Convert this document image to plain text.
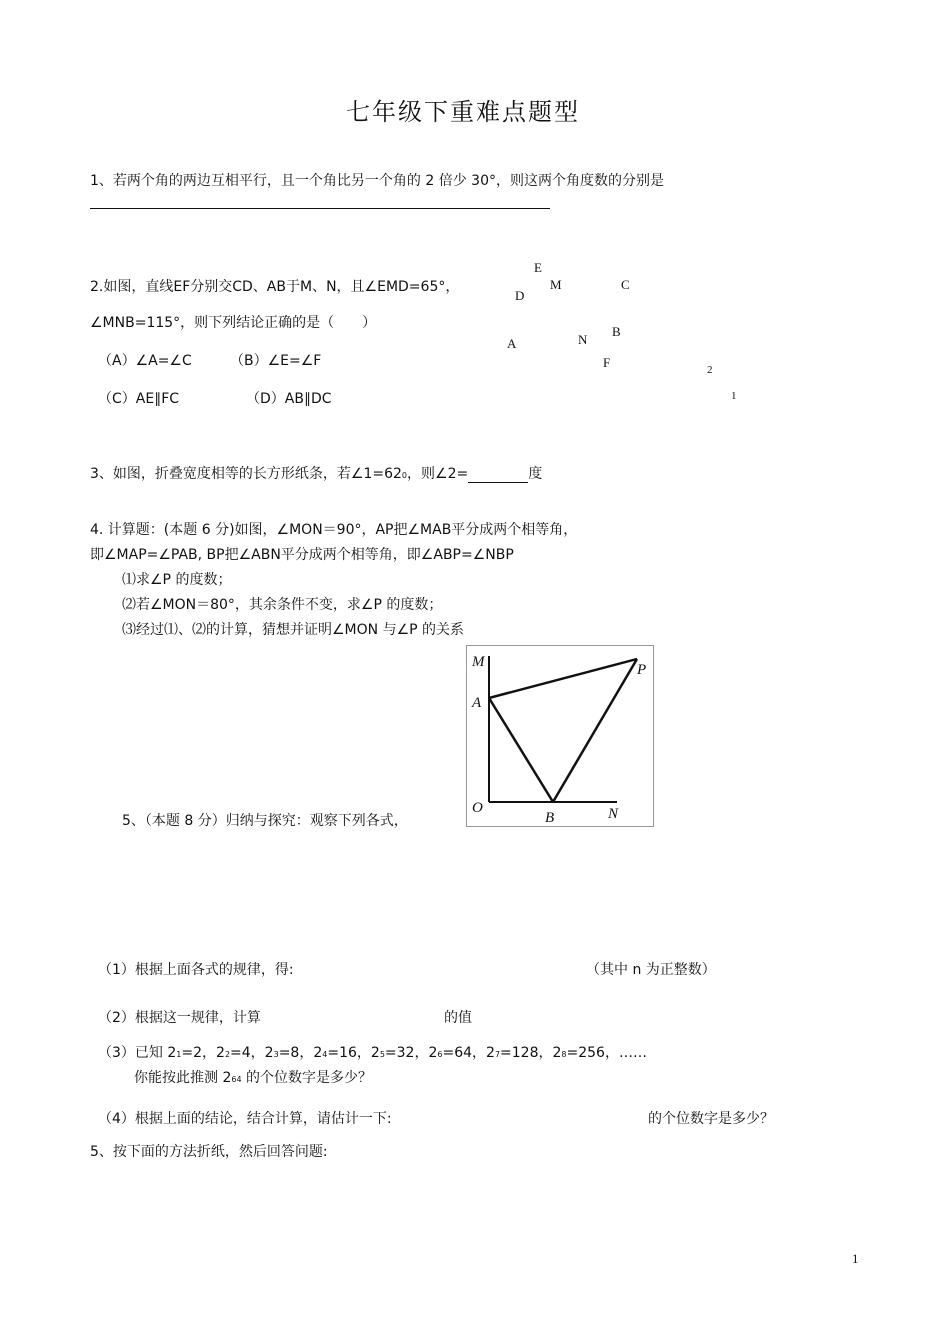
七年级下重难点题型
1、若两个角的两边互相平行，且一个角比另一个角的 2 倍少 30°，则这两个角度数的分别是
2.如图，直线EF分别交CD、AB于M、N，且∠EMD=65°，
∠MNB=115°，则下列结论正确的是（　　）
（A）∠A=∠C	（B）∠E=∠F
（C）AE∥FC	（D）AB∥DC
E
D
M	C
B
A	N
F	2
1
3、如图，折叠宽度相等的长方形纸条，若∠1=620，则∠2=	度
4. 计算题：(本题 6 分)如图，∠MON＝90°，AP把∠MAB平分成两个相等角，
即∠MAP=∠PAB, BP把∠ABN平分成两个相等角，即∠ABP=∠NBP
⑴求∠P 的度数；
⑵若∠MON＝80°，其余条件不变，求∠P 的度数；
⑶经过⑴、⑵的计算，猜想并证明∠MON 与∠P 的关系
M
A
O
B	N
P
5、（本题 8 分）归纳与探究：观察下列各式，
（1）根据上面各式的规律，得:	（其中 n 为正整数）
（2）根据这一规律，计算	的值
（3）已知 21=2，22=4，23=8，24=16，25=32，26=64，27=128，28=256，……
你能按此推测 264 的个位数字是多少？
（4）根据上面的结论，结合计算，请估计一下:	的个位数字是多少？
5、按下面的方法折纸，然后回答问题:
1
